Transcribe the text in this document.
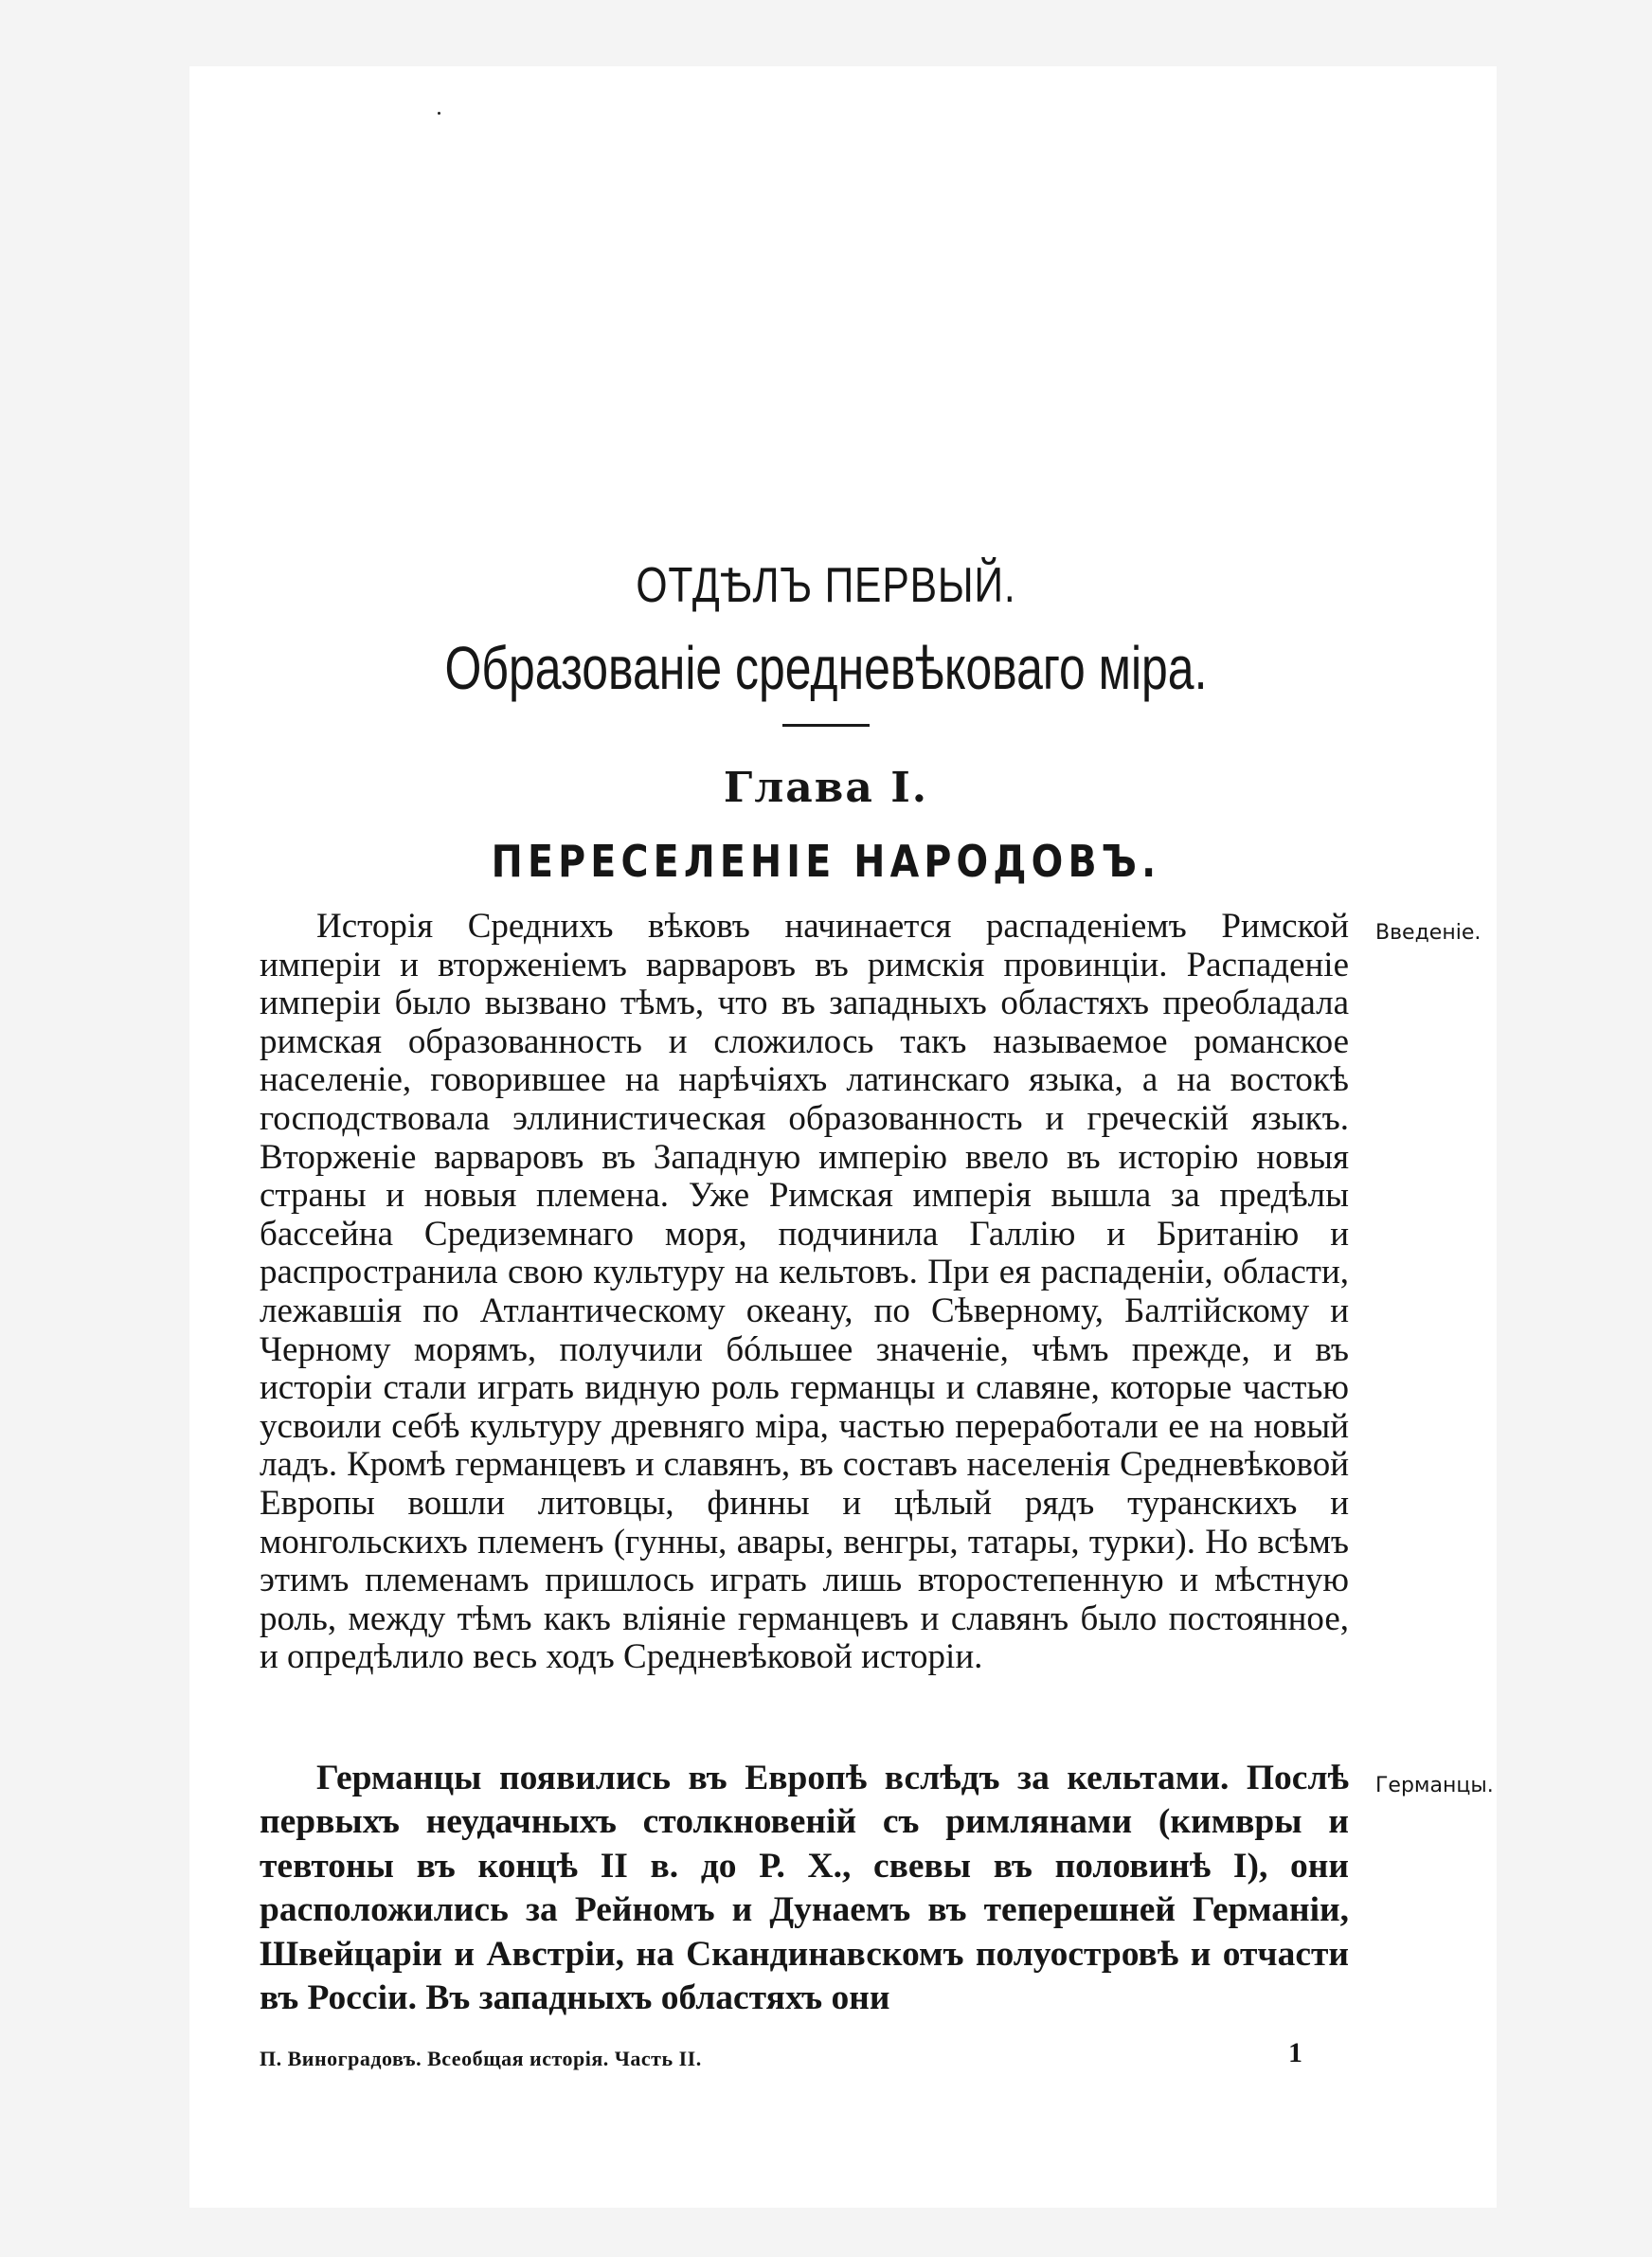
ОТДѢЛЪ ПЕРВЫЙ.
Образованіе средневѣковаго міра.
Глава I.
ПЕРЕСЕЛЕНІЕ НАРОДОВЪ.

Исторія Среднихъ вѣковъ начинается распаденіемъ Римской имперіи и вторженіемъ варваровъ въ римскія провинціи. Распаденіе имперіи было вызвано тѣмъ, что въ западныхъ областяхъ преобладала римская образованность и сложилось такъ называемое романское населеніе, говорившее на нарѣчіяхъ латинскаго языка, а на востокѣ господствовала эллинистическая образованность и греческій языкъ. Вторженіе варваровъ въ Западную имперію ввело въ исторію новыя страны и новыя племена. Уже Римская имперія вышла за предѣлы бассейна Средиземнаго моря, подчинила Галлію и Британію и распространила свою культуру на кельтовъ. При ея распаденіи, области, лежавшія по Атлантическому океану, по Сѣверному, Балтійскому и Черному морямъ, получили бóльшее значеніе, чѣмъ прежде, и въ исторіи стали играть видную роль германцы и славяне, которые частью усвоили себѣ культуру древняго міра, частью переработали ее на новый ладъ. Кромѣ германцевъ и славянъ, въ составъ населенія Средневѣковой Европы вошли литовцы, финны и цѣлый рядъ туранскихъ и монгольскихъ племенъ (гунны, авары, венгры, татары, турки). Но всѣмъ этимъ племенамъ пришлось играть лишь второстепенную и мѣстную роль, между тѣмъ какъ вліяніе германцевъ и славянъ было постоянное, и опредѣлило весь ходъ Средневѣковой исторіи.

Введеніе.

Германцы появились въ Европѣ вслѣдъ за кельтами. Послѣ первыхъ неудачныхъ столкновеній съ римлянами (кимвры и тевтоны въ концѣ II в. до Р. Х., свевы въ половинѣ I), они расположились за Рейномъ и Дунаемъ въ теперешней Германіи, Швейцаріи и Австріи, на Скандинавскомъ полуостровѣ и отчасти въ Россіи. Въ западныхъ областяхъ они

Германцы.

П. Виноградовъ. Всеобщая исторія. Часть II.	1
